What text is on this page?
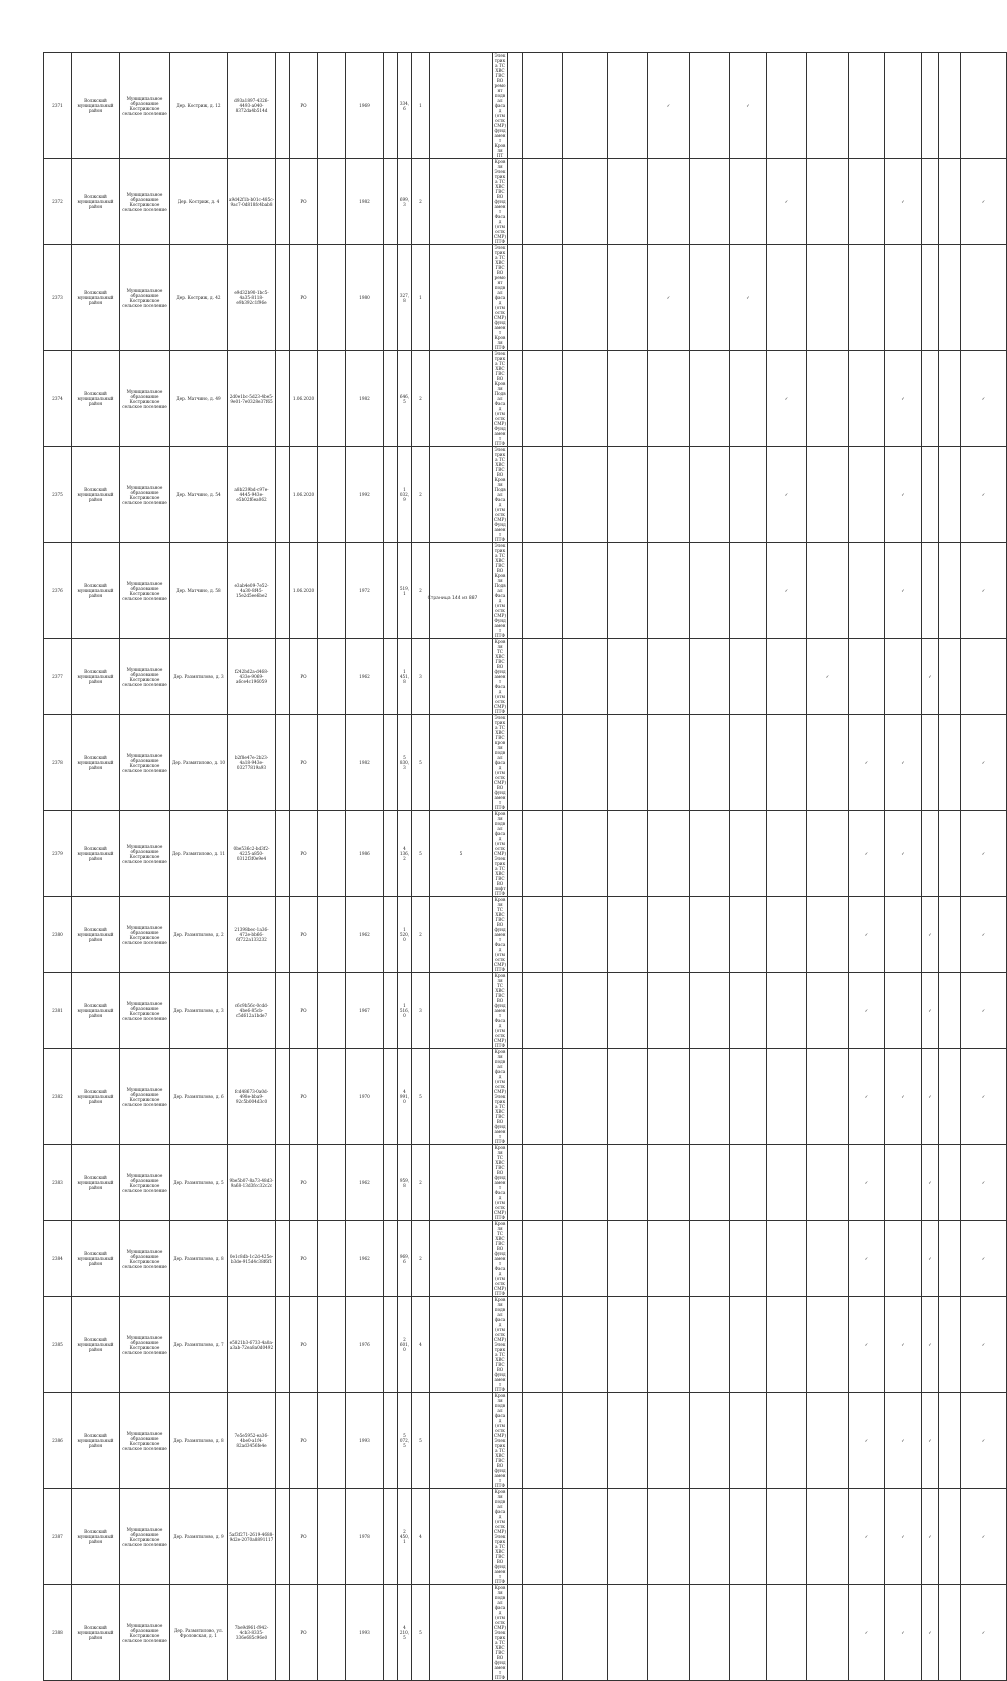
2371	Волжский муниципальный район	Муниципальное образование Кострижское сельское поселение	Дер. Костриж, д. 12	d93a1897-4326-4493-a040-8372da4b514d		РО		1969		334,6	1		Электрика ТС ХВС ГВС ВО ремонт подвал фасад (отмостк СМР) фундамент Кровля ПТ					✓		✓							
2372	Волжский муниципальный район	Муниципальное образование Кострижское сельское поселение	Дер. Костриж, д. 4	a9d42f1b-b01c-485c-9ac7-0d818fc4bab8		РО		1982		699,3	2		Кровля Электрика ТС ХВС ГВС ВО фундамент Фасад (отмостк СМР) ПТФ								✓			✓			✓
2373	Волжский муниципальный район	Муниципальное образование Кострижское сельское поселение	Дер. Костриж, д. 42	e9d32b90-1bc5-4a35-8118-e9b392c1f96e		РО		1980		327,8	1		Электрика ТС ХВС ГВС ВО ремонт подвал фасад (отмостк СМР) фундамент Кровля ПТФ					✓		✓							
2374	Волжский муниципальный район	Муниципальное образование Кострижское сельское поселение	Дер. Матчино, д. 49	2d0e1bc-5d23-4be5-9e01-7e0328e37f65		1.06.2020		1982		646,5	2		Электрика ТС ХВС ГВС ВО Кровля Подвал Фасад (отмостк СМР) Фундамент ПТФ								✓			✓			✓
2375	Волжский муниципальный район	Муниципальное образование Кострижское сельское поселение	Дер. Матчино, д. 54	a8b239bd-c97e-4445-943e-e5b02f6ea062		1.06.2020		1992		1 032,9	2		Электрика ТС ХВС ГВС ВО Кровля Подвал Фасад (отмостк СМР) Фундамент ПТФ								✓			✓			✓
2376	Волжский муниципальный район	Муниципальное образование Кострижское сельское поселение	Дер. Матчино, д. 58	e3ab4e09-7e52-4a30-8f45-15e2d5ee6be2		1.06.2020		1972		519,1	2		Электрика ТС ХВС ГВС ВО Кровля Подвал Фасад (отмостк СМР) Фундамент ПТФ								✓			✓			✓
2377	Волжский муниципальный район	Муниципальное образование Кострижское сельское поселение	Дер. Размятилово, д. 3	f242bd2a-d468-433e-9069-a6ce4c196059		РО		1962		1 451,8	3		Кровля ТС ХВС ГВС ВО фундамент Фасад (отмостк СМР) ПТФ									✓			✓		
2378	Волжский муниципальный район	Муниципальное образование Кострижское сельское поселение	Дер. Размятилово, д. 10	b2f8e47e-2b23-4a18-943e-03277819a93		РО		1982		5 830,3	5		Электрика ТС ХВС ГВС кровля подвал фасад (отмостк СМР) ВО фундамент ПТФ										✓	✓			✓
2379	Волжский муниципальный район	Муниципальное образование Кострижское сельское поселение	Дер. Размятилово, д. 11	0be536c2-bd3f2-4225-a850-0312f3f0e9e4		РО		1986		4 136,2	5	5	Кровля подвал фасад (отмостк СМР) Электрика ТС ХВС ГВС ВО лифт ПТФ										✓	✓			✓
2380	Волжский муниципальный район	Муниципальное образование Кострижское сельское поселение	Дер. Размятилово, д. 2	21398bec-1a36-472e-bb66-6f722a133232		РО		1962		1 520,0	2		Кровля ТС ХВС ГВС ВО фундамент Фасад (отмостк СМР) ПТФ										✓		✓		✓
2381	Волжский муниципальный район	Муниципальное образование Кострижское сельское поселение	Дер. Размятилово, д. 3	c6c9b56c-0cdd-4be6-85cb-c5d612a1bde7		РО		1967		1 516,0	3		Кровля ТС ХВС ГВС ВО фундамент Фасад (отмостк СМР) ПТФ										✓		✓		✓
2382	Волжский муниципальный район	Муниципальное образование Кострижское сельское поселение	Дер. Размятилово, д. 6	fcd48673-0a0d-498e-bba9-92c5b004d3c0		РО		1970		4 991,0	5		Кровля подвал фасад (отмостк СМР) Электрика ТС ХВС ГВС ВО фундамент ПТФ										✓	✓	✓		✓
2383	Волжский муниципальный район	Муниципальное образование Кострижское сельское поселение	Дер. Размятилово, д. 5	9be5b07-8a73-48d3-9a68-13d3fcc32c2c		РО		1962		959,8	2		Кровля ТС ХВС ГВС ВО фундамент Фасад (отмостк СМР) ПТФ										✓		✓		✓
2384	Волжский муниципальный район	Муниципальное образование Кострижское сельское поселение	Дер. Размятилово, д. 8	0e1c8db-1c2d-425e-b3de-915d4c38f6f1		РО		1962		969,6	2		Кровля ТС ХВС ГВС ВО фундамент Фасад (отмостк СМР) ПТФ										✓		✓		✓
2385	Волжский муниципальный район	Муниципальное образование Кострижское сельское поселение	Дер. Размятилово, д. 7	e5821b3-6733-4a0a-a3ab-72ea8a0d0492		РО		1976		2 601,0	4		Кровля подвал фасад (отмостк СМР) Электрика ТС ХВС ГВС ВО фундамент ПТФ										✓	✓	✓		✓
2386	Волжский муниципальный район	Муниципальное образование Кострижское сельское поселение	Дер. Размятилово, д. 8	7e5e5952-ea36-4be0-a1f4-82ad3456fe4e		РО		1993		5 072,5	5		Кровля подвал фасад (отмостк СМР) Электрика ТС ХВС ГВС ВО фундамент ПТФ										✓	✓	✓		✓
2387	Волжский муниципальный район	Муниципальное образование Кострижское сельское поселение	Дер. Размятилово, д. 9	5af3f271-2619-4688-9d2e-2070a8891117		РО		1978		2 450,1	4		Кровля подвал фасад (отмостк СМР) Электрика ТС ХВС ГВС ВО фундамент ПТФ										✓	✓	✓		✓
2388	Волжский муниципальный район	Муниципальное образование Кострижское сельское поселение	Дер. Размятилово, ул. Фроловская, д. 1	7be9d961-f942-4cb3-8335-336e685c96e0		РО		1993		4 210,5	5		Кровля подвал фасад (отмостк СМР) Электрика ТС ХВС ГВС ВО фундамент ПТФ										✓	✓	✓		✓
Страница 144 из 887
